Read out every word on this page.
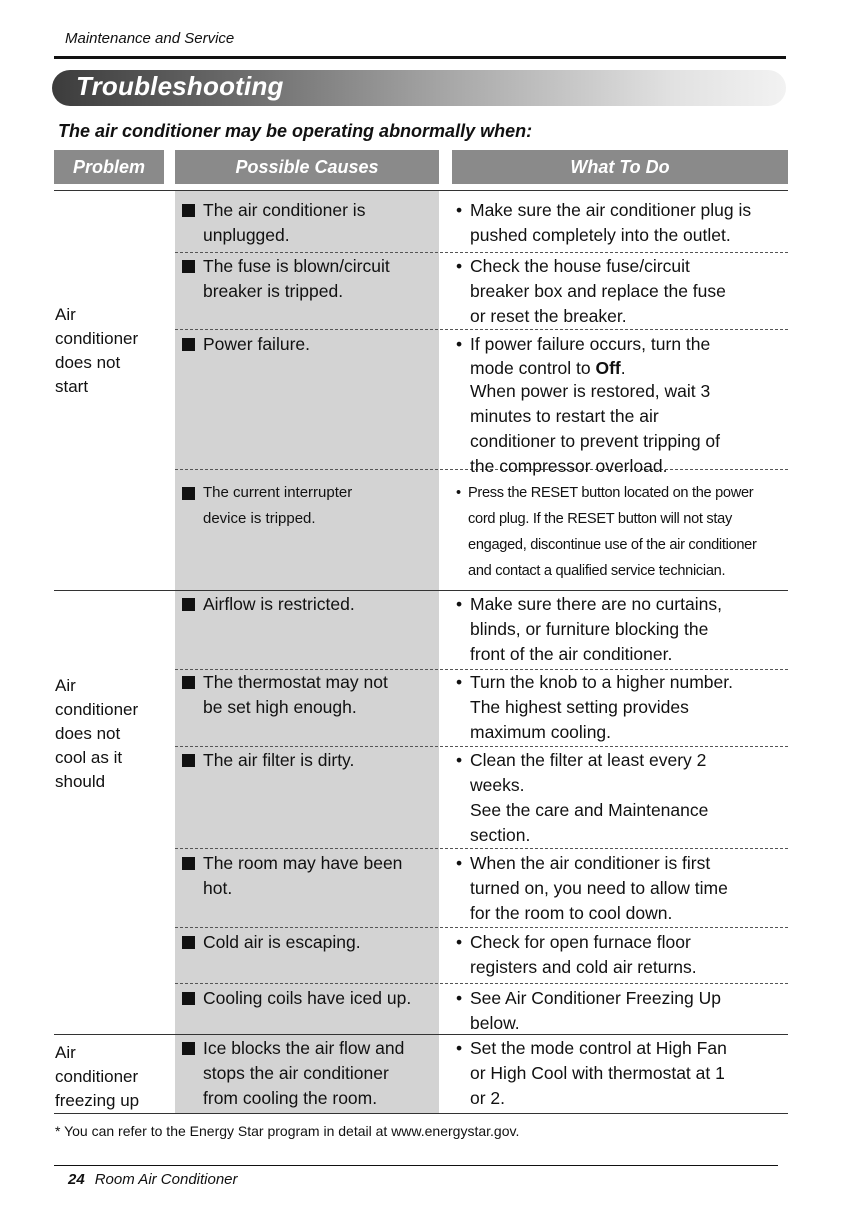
Maintenance and Service
Troubleshooting
The air conditioner may be operating abnormally when:
Problem	Possible Causes	What To Do
Air
conditioner
does not
start
Air
conditioner
does not
cool as it
should
Air
conditioner
freezing up
The air conditioner is
unplugged.
The fuse is blown/circuit
breaker is tripped.
Power failure.
The current interrupter
device is tripped.
Airflow is restricted.
The thermostat may not
be set high enough.
The air filter is dirty.
The room may have been
hot.
Cold air is escaping.
Cooling coils have iced up.
Ice blocks the air flow and
stops the air conditioner
from cooling the room.
• Make sure the air conditioner plug is
pushed completely into the outlet.
• Check the house fuse/circuit
breaker box and replace the fuse
or reset the breaker.
• If power failure occurs, turn the
mode control to Off.
When power is restored, wait 3
minutes to restart the air
conditioner to prevent tripping of
the compressor overload.
• Press the RESET button located on the power
cord plug. If the RESET button will not stay
engaged, discontinue use of the air conditioner
and contact a qualified service technician.
• Make sure there are no curtains,
blinds, or furniture blocking the
front of the air conditioner.
• Turn the knob to a higher number.
The highest setting provides
maximum cooling.
• Clean the filter at least every 2
weeks.
See the care and Maintenance
section.
• When the air conditioner is first
turned on, you need to allow time
for the room to cool down.
• Check for open furnace floor
registers and cold air returns.
• See Air Conditioner Freezing Up
below.
• Set the mode control at High Fan
or High Cool with thermostat at 1
or 2.
* You can refer to the Energy Star program in detail at www.energystar.gov.
24 Room Air Conditioner
